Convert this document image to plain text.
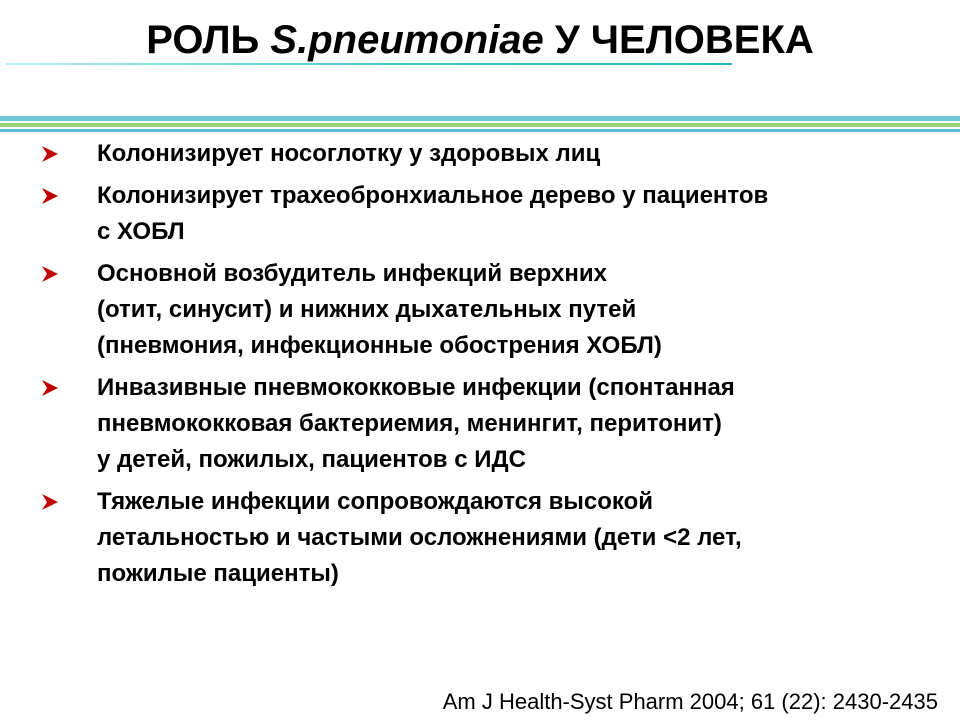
РОЛЬ S.pneumoniae У ЧЕЛОВЕКА
Колонизирует носоглотку у здоровых лиц
Колонизирует трахеобронхиальное дерево у пациентов
с ХОБЛ
Основной возбудитель инфекций верхних
(отит, синусит) и нижних дыхательных путей
(пневмония, инфекционные обострения ХОБЛ)
Инвазивные пневмококковые инфекции (спонтанная
пневмококковая бактериемия, менингит, перитонит)
у детей, пожилых, пациентов с ИДС
Тяжелые инфекции сопровождаются высокой
летальностью и частыми осложнениями (дети <2 лет,
пожилые пациенты)
Am J Health-Syst Pharm 2004; 61 (22): 2430-2435
